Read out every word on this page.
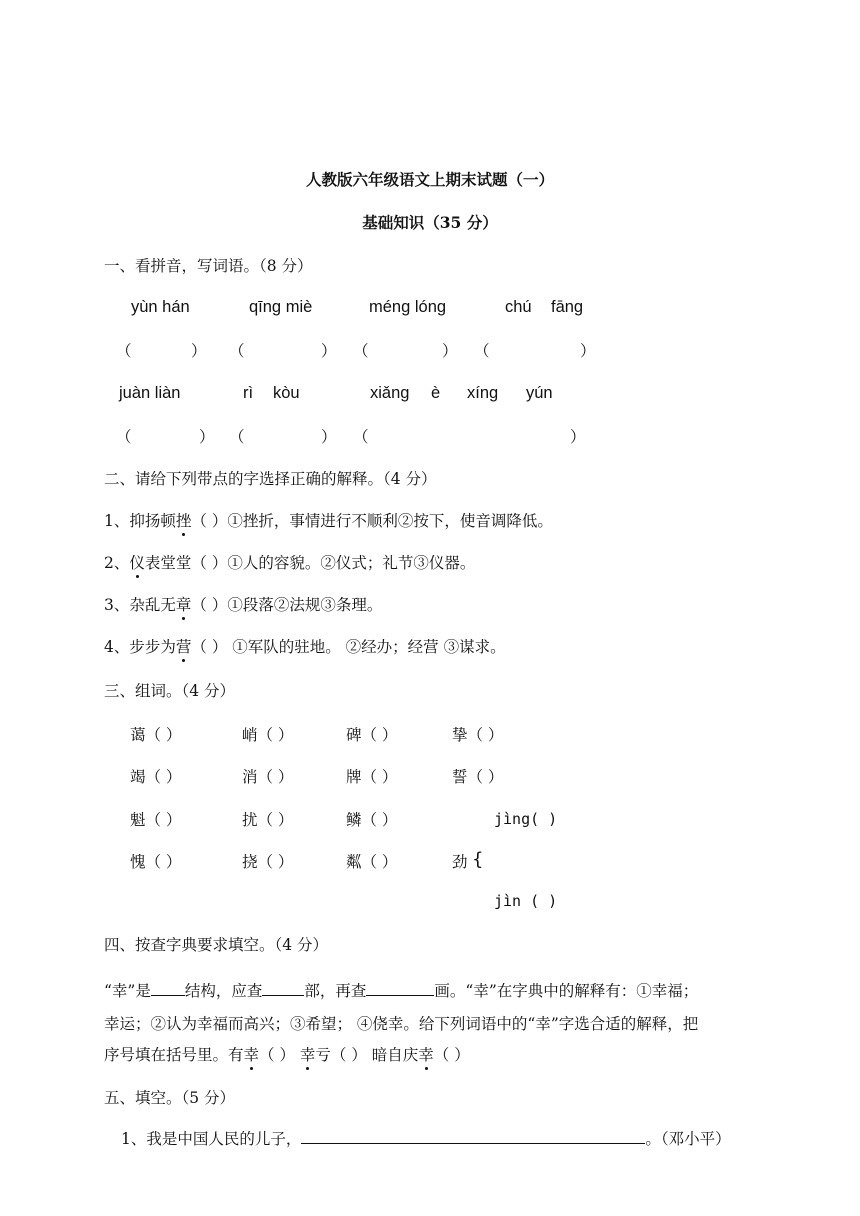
人教版六年级语文上期末试题（一）
基础知识（35 分）
一、看拼音，写词语。（8 分）
yùn hán	qīng miè	méng lóng	chú fāng
（	） （	） （	） （	）
juàn liàn	rì kòu	xiǎng è xíng yún
（	） （	） （	）
二、请给下列带点的字选择正确的解释。（4 分）
1、抑扬顿挫（ ）①挫折，事情进行不顺利②按下，使音调降低。
2、仪表堂堂（ ）①人的容貌。②仪式；礼节③仪器。
3、杂乱无章（ ）①段落②法规③条理。
4、步步为营（ ） ①军队的驻地。 ②经办；经营 ③谋求。
三、组词。（4 分）
蔼（ ）	峭（ ）	碑（ ）	挚（ ）
竭（ ）	消（ ）	牌（ ）	誓（ ）
魁（ ）	扰（ ）	鳞（ ）	jìng( )
愧（ ）	挠（ ）	粼（ ）	劲 {
jìn ( )
四、按查字典要求填空。（4 分）
“幸”是 结构，应查	部，再查	画。“幸”在字典中的解释有：①幸福；
幸运；②认为幸福而高兴；③希望； ④侥幸。给下列词语中的“幸”字选合适的解释，把
序号填在括号里。有幸（ ） 幸亏（ ） 暗自庆幸（ ）
五、填空。（5 分）
1、我是中国人民的儿子，	。（邓小平）
